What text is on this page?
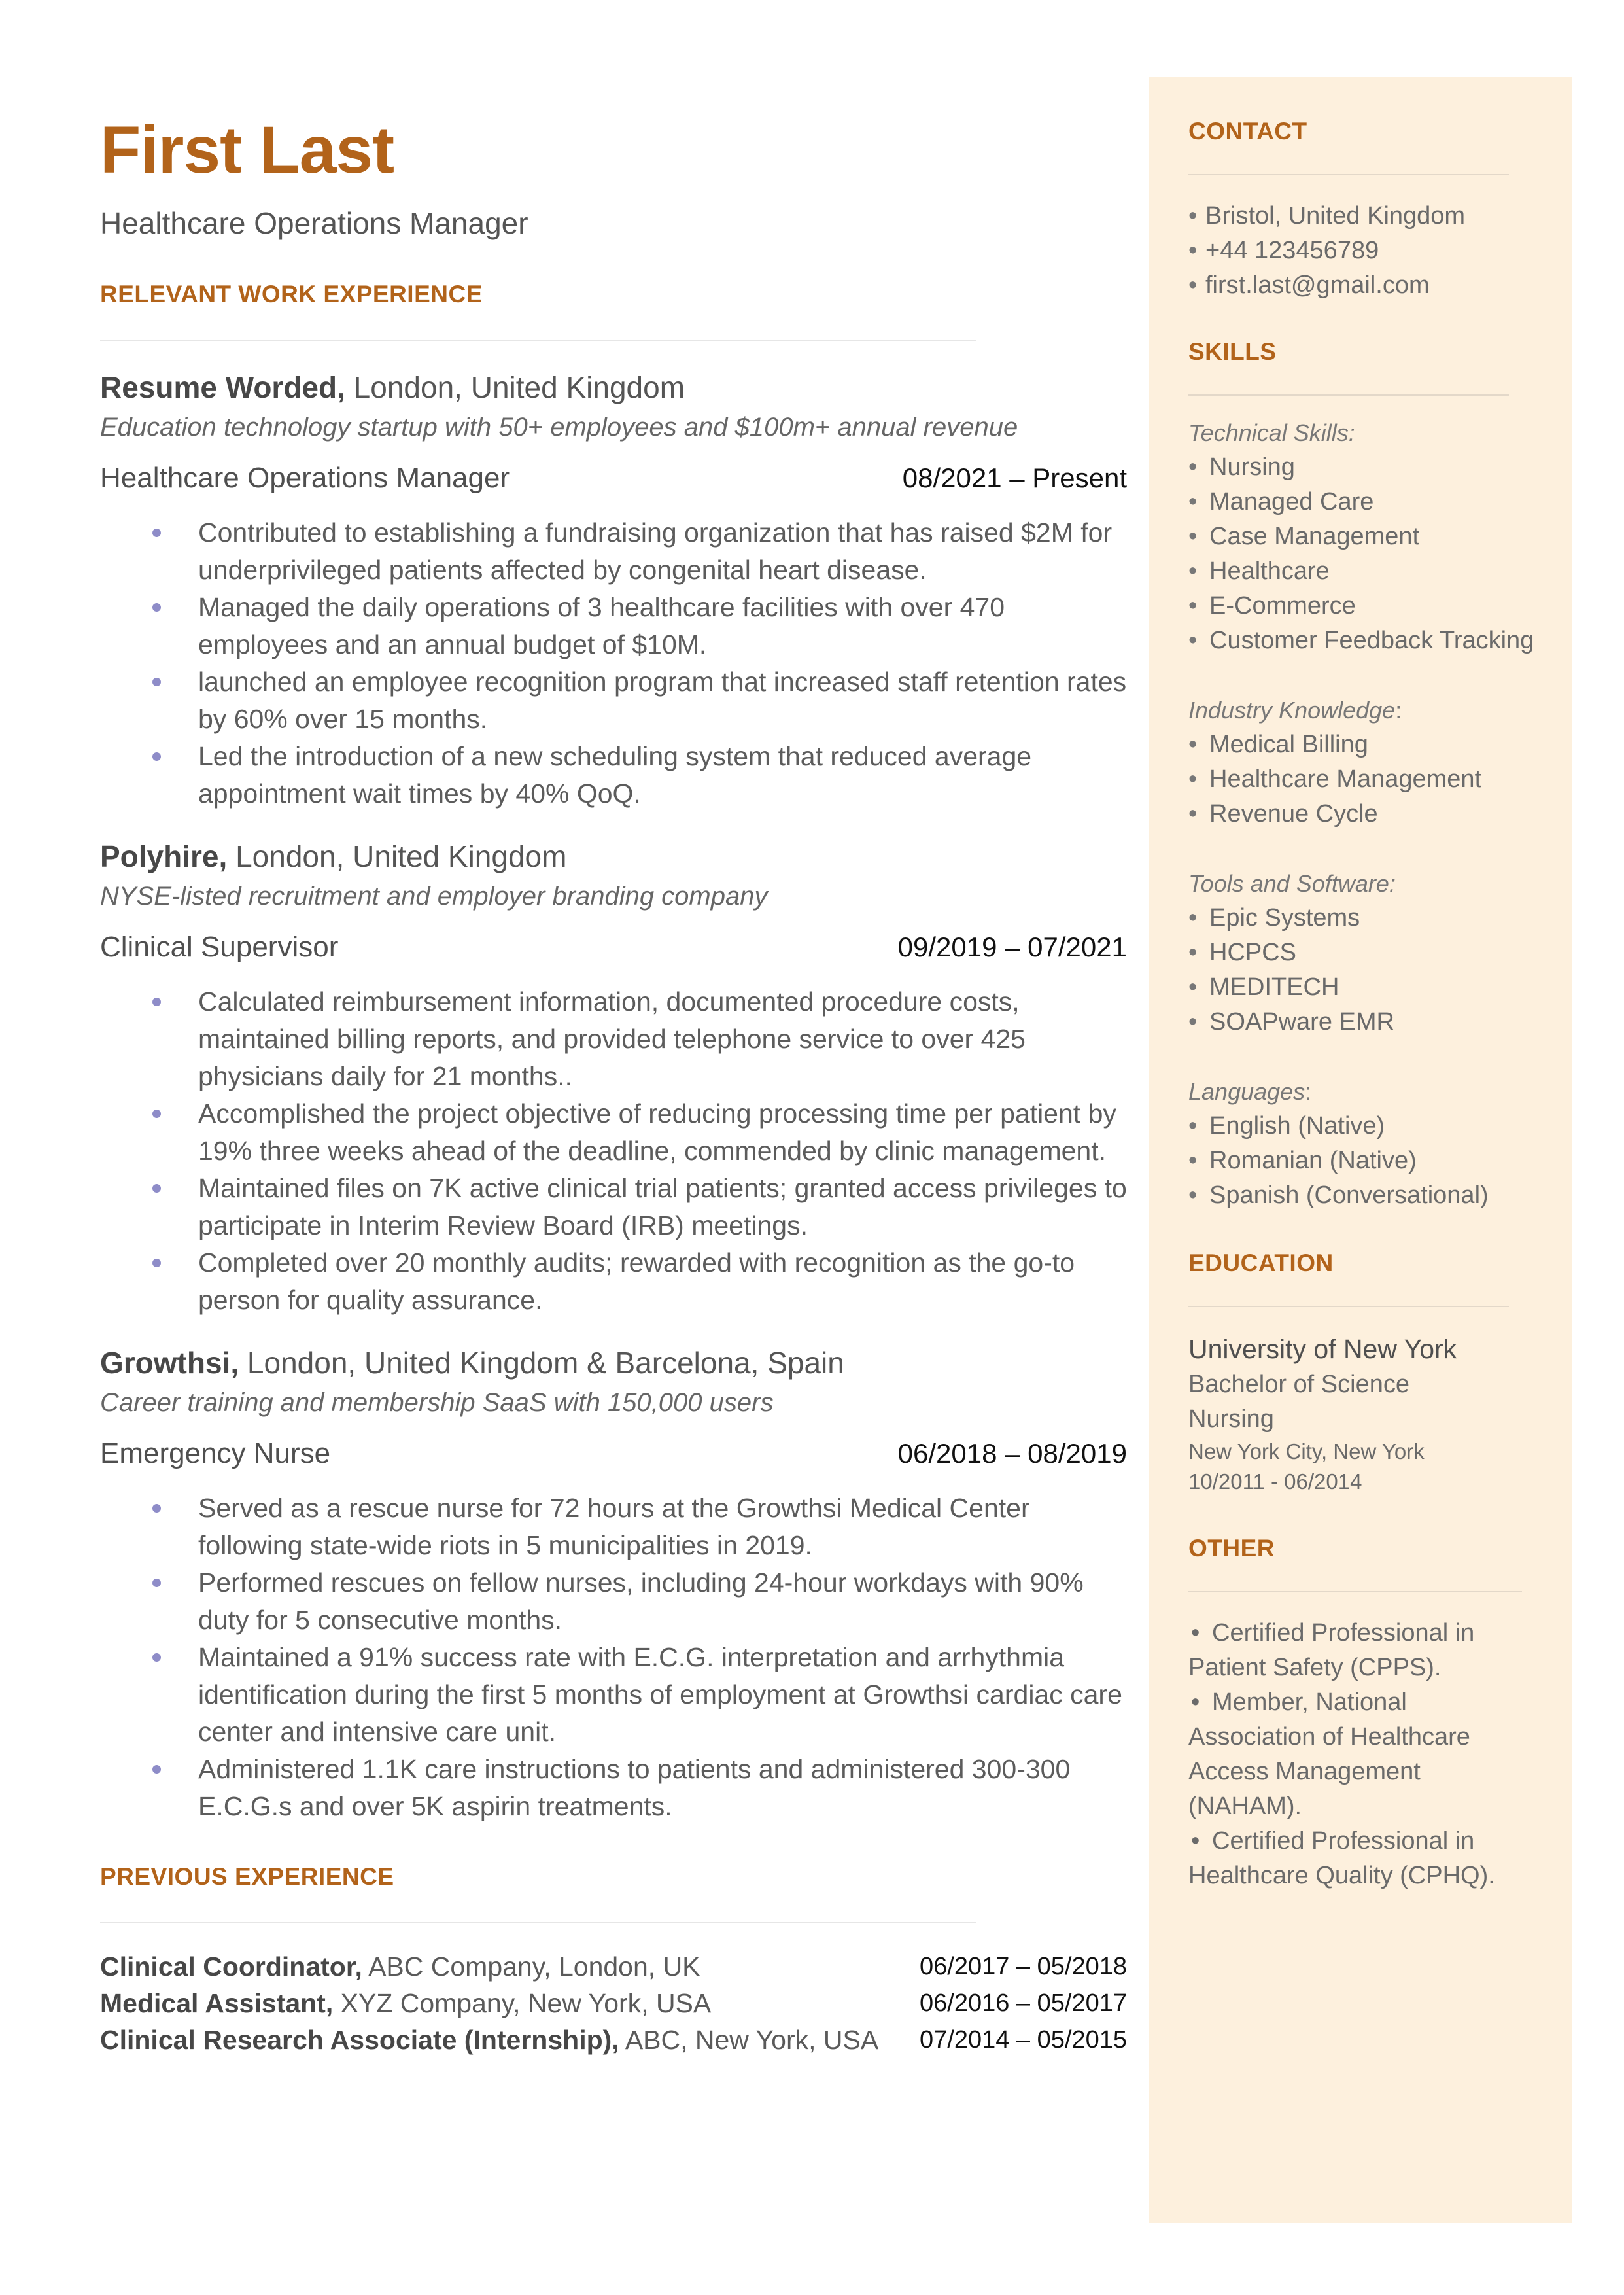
First Last
Healthcare Operations Manager
RELEVANT WORK EXPERIENCE
Resume Worded, London, United Kingdom
Education technology startup with 50+ employees and $100m+ annual revenue
Healthcare Operations Manager	08/2021 – Present
Contributed to establishing a fundraising organization that has raised $2M for underprivileged patients affected by congenital heart disease.
Managed the daily operations of 3 healthcare facilities with over 470 employees and an annual budget of $10M.
launched an employee recognition program that increased staff retention rates by 60% over 15 months.
Led the introduction of a new scheduling system that reduced average appointment wait times by 40% QoQ.
Polyhire, London, United Kingdom
NYSE-listed recruitment and employer branding company
Clinical Supervisor	09/2019 – 07/2021
Calculated reimbursement information, documented procedure costs, maintained billing reports, and provided telephone service to over 425 physicians daily for 21 months..
Accomplished the project objective of reducing processing time per patient by 19% three weeks ahead of the deadline, commended by clinic management.
Maintained files on 7K active clinical trial patients; granted access privileges to participate in Interim Review Board (IRB) meetings.
Completed over 20 monthly audits; rewarded with recognition as the go-to person for quality assurance.
Growthsi, London, United Kingdom & Barcelona, Spain
Career training and membership SaaS with 150,000 users
Emergency Nurse	06/2018 – 08/2019
Served as a rescue nurse for 72 hours at the Growthsi Medical Center following state-wide riots in 5 municipalities in 2019.
Performed rescues on fellow nurses, including 24-hour workdays with 90% duty for 5 consecutive months.
Maintained a 91% success rate with E.C.G. interpretation and arrhythmia identification during the first 5 months of employment at Growthsi cardiac care center and intensive care unit.
Administered 1.1K care instructions to patients and administered 300-300 E.C.G.s and over 5K aspirin treatments.
PREVIOUS EXPERIENCE
Clinical Coordinator, ABC Company, London, UK	06/2017 – 05/2018
Medical Assistant, XYZ Company, New York, USA	06/2016 – 05/2017
Clinical Research Associate (Internship), ABC, New York, USA 07/2014 – 05/2015
CONTACT
• Bristol, United Kingdom
• +44 123456789
• first.last@gmail.com
SKILLS
Technical Skills:
• Nursing
• Managed Care
• Case Management
• Healthcare
• E-Commerce
• Customer Feedback Tracking
Industry Knowledge:
• Medical Billing
• Healthcare Management
• Revenue Cycle
Tools and Software:
• Epic Systems
• HCPCS
• MEDITECH
• SOAPware EMR
Languages:
• English (Native)
• Romanian (Native)
• Spanish (Conversational)
EDUCATION
University of New York
Bachelor of Science
Nursing
New York City, New York
10/2011 - 06/2014
OTHER
• Certified Professional in Patient Safety (CPPS).
• Member, National Association of Healthcare Access Management (NAHAM).
• Certified Professional in Healthcare Quality (CPHQ).
